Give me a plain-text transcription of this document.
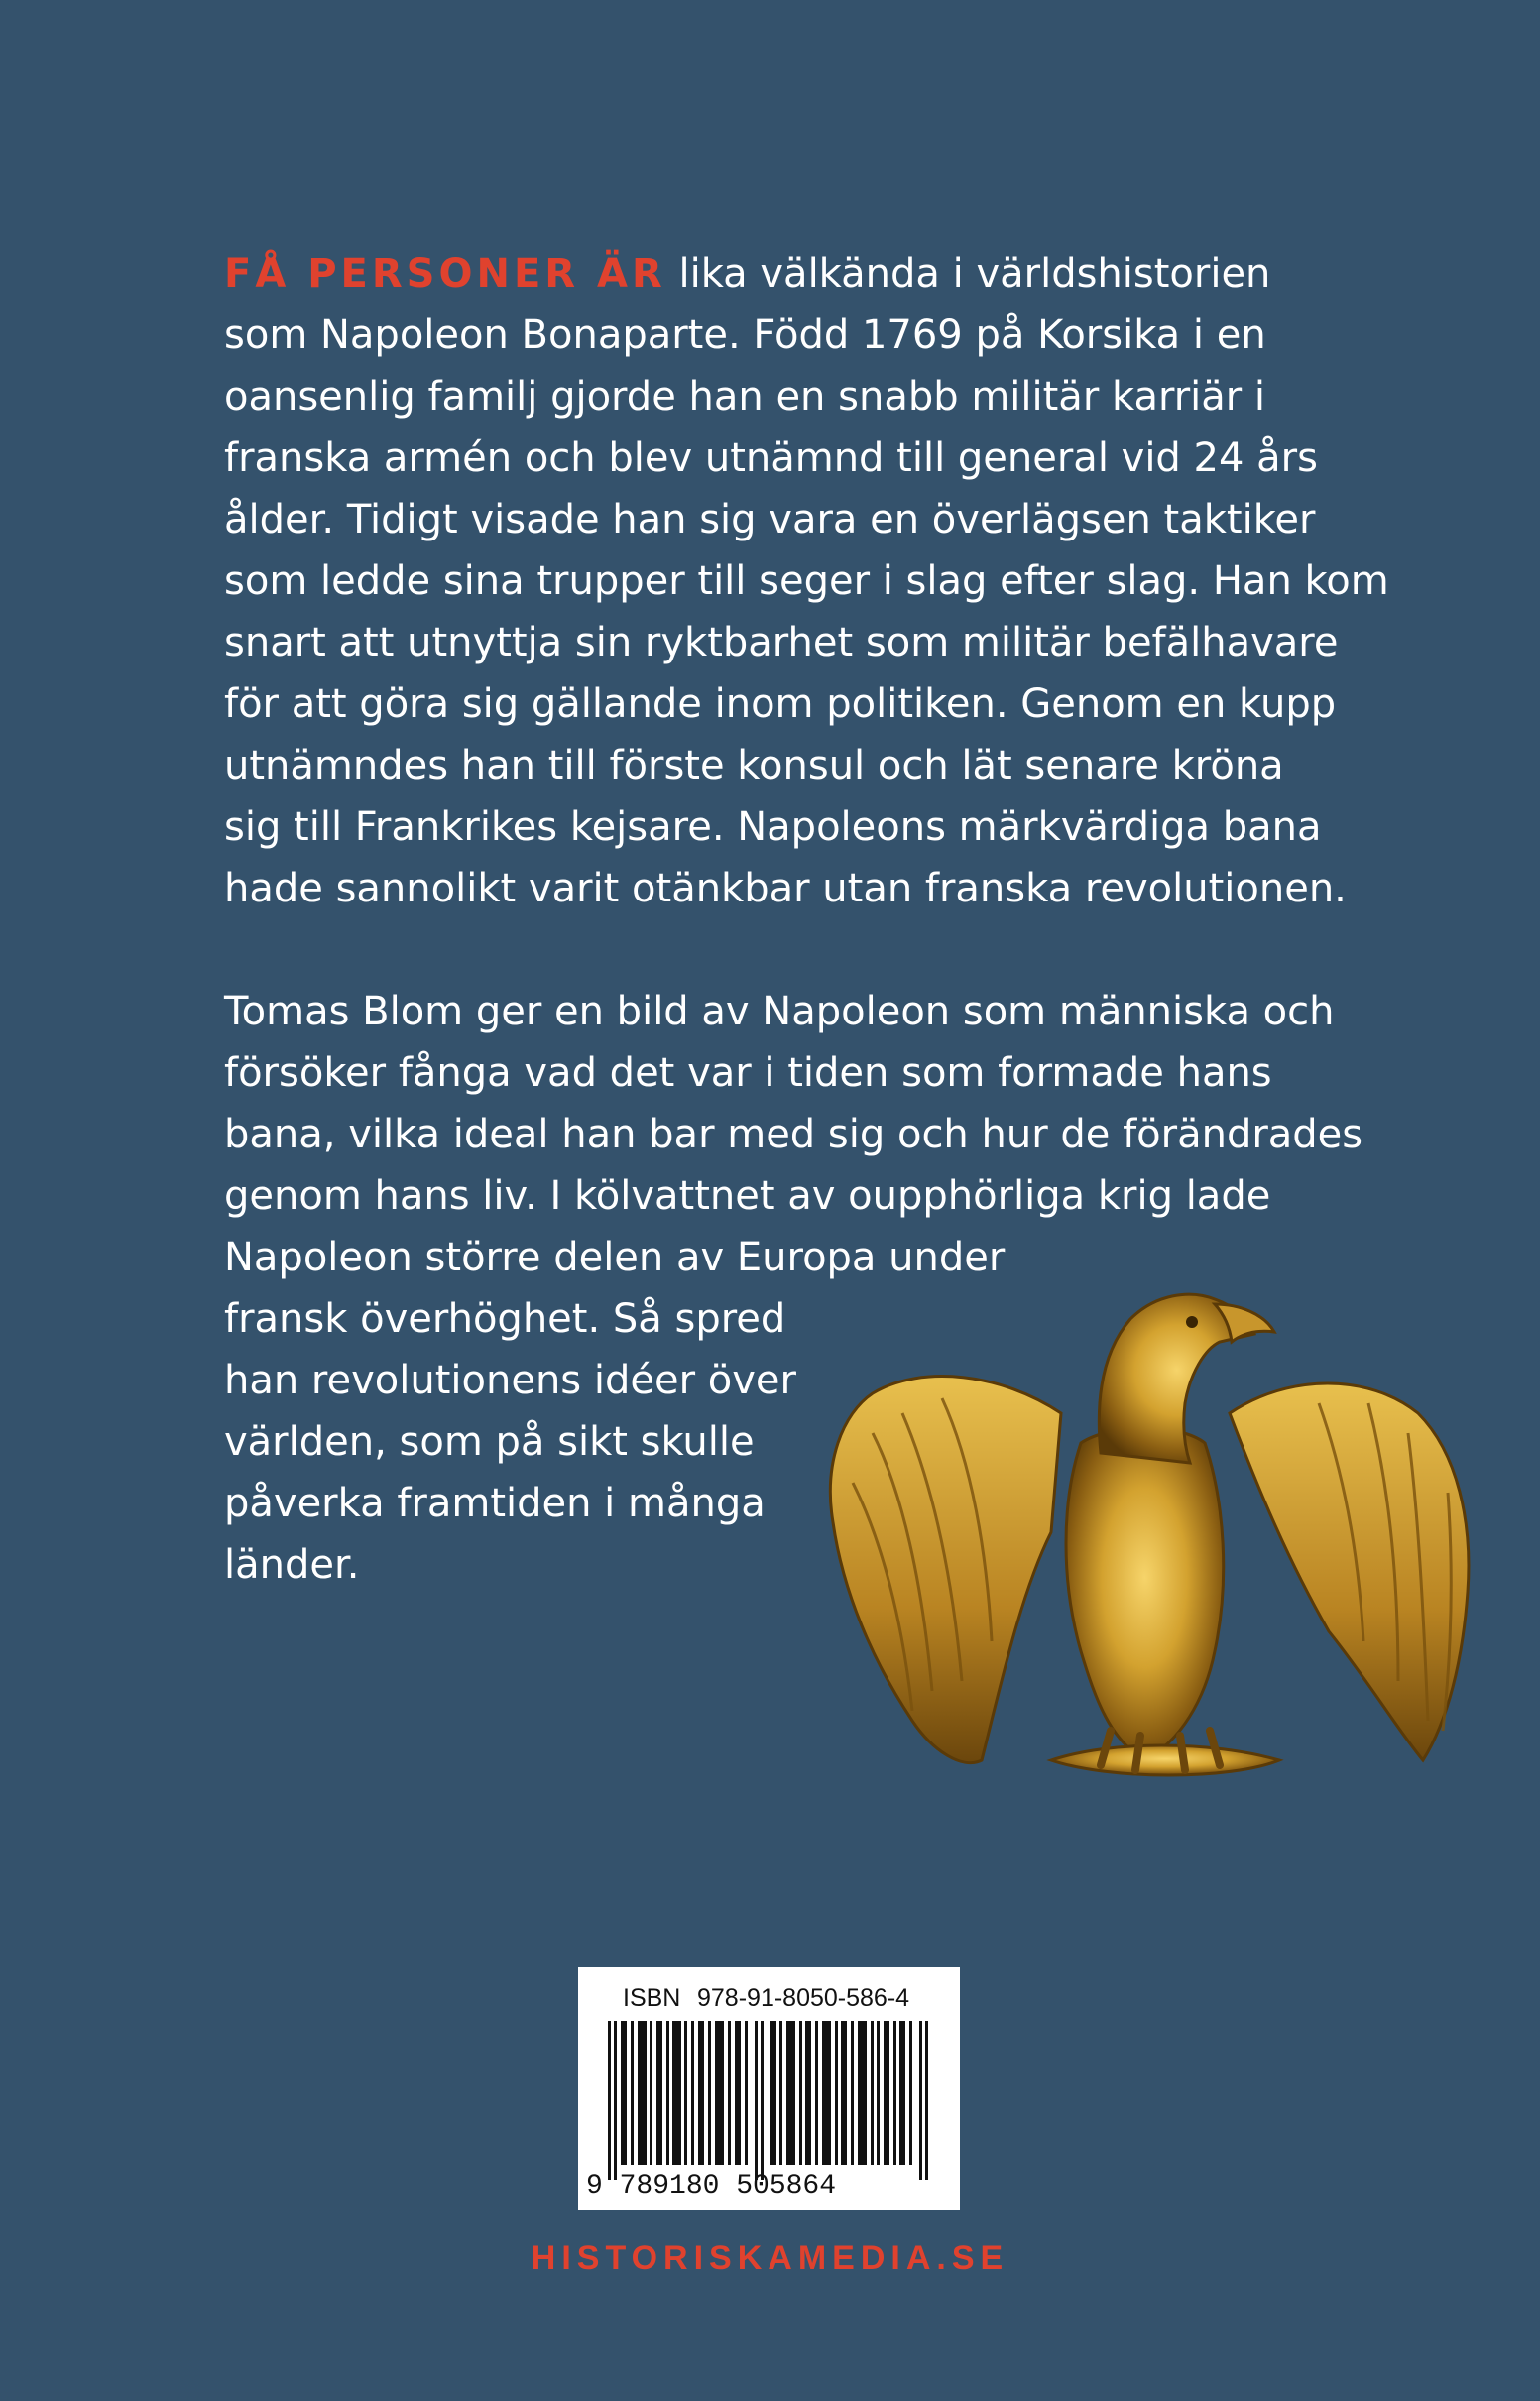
FÅ PERSONER ÄR lika välkända i världshistorien
som Napoleon Bonaparte. Född 1769 på Korsika i en
oansenlig familj gjorde han en snabb militär karriär i
franska armén och blev utnämnd till general vid 24 års
ålder. Tidigt visade han sig vara en överlägsen taktiker
som ledde sina trupper till seger i slag efter slag. Han kom
snart att utnyttja sin ryktbarhet som militär befälhavare
för att göra sig gällande inom politiken. Genom en kupp
utnämndes han till förste konsul och lät senare kröna
sig till Frankrikes kejsare. Napoleons märkvärdiga bana
hade sannolikt varit otänkbar utan franska revolutionen.

Tomas Blom ger en bild av Napoleon som människa och
försöker fånga vad det var i tiden som formade hans
bana, vilka ideal han bar med sig och hur de förändrades
genom hans liv. I kölvattnet av oupphörliga krig lade
Napoleon större delen av Europa under
fransk överhöghet. Så spred
han revolutionens idéer över
världen, som på sikt skulle
påverka framtiden i många
länder.

ISBN 978-91-8050-586-4
9 789180 505864
HISTORISKAMEDIA.SE
